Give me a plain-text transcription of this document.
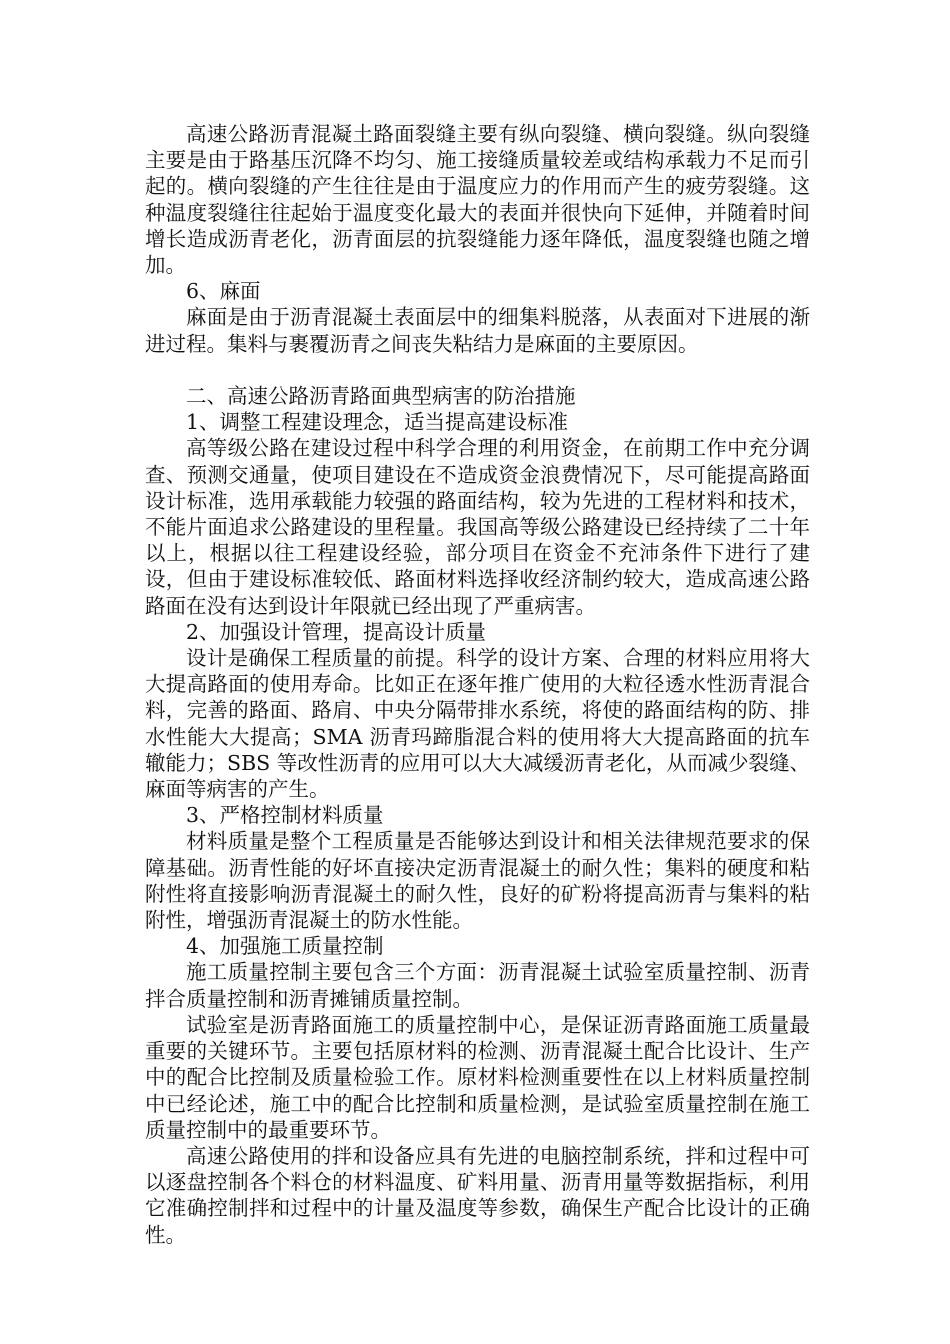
高速公路沥青混凝土路面裂缝主要有纵向裂缝、横向裂缝。纵向裂缝主要是由于路基压沉降不均匀、施工接缝质量较差或结构承载力不足而引起的。横向裂缝的产生往往是由于温度应力的作用而产生的疲劳裂缝。这种温度裂缝往往起始于温度变化最大的表面并很快向下延伸，并随着时间增长造成沥青老化，沥青面层的抗裂缝能力逐年降低，温度裂缝也随之增加。

6、麻面

麻面是由于沥青混凝土表面层中的细集料脱落，从表面对下进展的渐进过程。集料与裹覆沥青之间丧失粘结力是麻面的主要原因。

二、高速公路沥青路面典型病害的防治措施

1、调整工程建设理念，适当提高建设标准

高等级公路在建设过程中科学合理的利用资金，在前期工作中充分调查、预测交通量，使项目建设在不造成资金浪费情况下，尽可能提高路面设计标准，选用承载能力较强的路面结构，较为先进的工程材料和技术，不能片面追求公路建设的里程量。我国高等级公路建设已经持续了二十年以上，根据以往工程建设经验，部分项目在资金不充沛条件下进行了建设，但由于建设标准较低、路面材料选择收经济制约较大，造成高速公路路面在没有达到设计年限就已经出现了严重病害。

2、加强设计管理，提高设计质量

设计是确保工程质量的前提。科学的设计方案、合理的材料应用将大大提高路面的使用寿命。比如正在逐年推广使用的大粒径透水性沥青混合料，完善的路面、路肩、中央分隔带排水系统，将使的路面结构的防、排水性能大大提高；SMA 沥青玛蹄脂混合料的使用将大大提高路面的抗车辙能力；SBS 等改性沥青的应用可以大大减缓沥青老化，从而减少裂缝、麻面等病害的产生。

3、严格控制材料质量

材料质量是整个工程质量是否能够达到设计和相关法律规范要求的保障基础。沥青性能的好坏直接决定沥青混凝土的耐久性；集料的硬度和粘附性将直接影响沥青混凝土的耐久性，良好的矿粉将提高沥青与集料的粘附性，增强沥青混凝土的防水性能。

4、加强施工质量控制

施工质量控制主要包含三个方面：沥青混凝土试验室质量控制、沥青拌合质量控制和沥青摊铺质量控制。

试验室是沥青路面施工的质量控制中心，是保证沥青路面施工质量最重要的关键环节。主要包括原材料的检测、沥青混凝土配合比设计、生产中的配合比控制及质量检验工作。原材料检测重要性在以上材料质量控制中已经论述，施工中的配合比控制和质量检测，是试验室质量控制在施工质量控制中的最重要环节。

高速公路使用的拌和设备应具有先进的电脑控制系统，拌和过程中可以逐盘控制各个料仓的材料温度、矿料用量、沥青用量等数据指标，利用它准确控制拌和过程中的计量及温度等参数，确保生产配合比设计的正确性。
